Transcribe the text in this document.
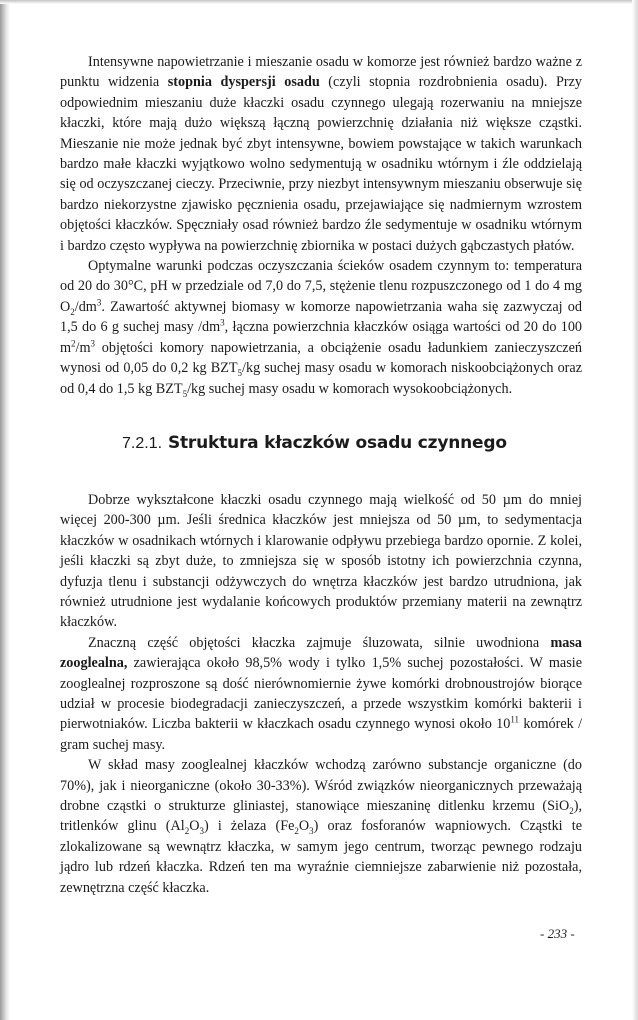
Intensywne napowietrzanie i mieszanie osadu w komorze jest również bardzo ważne z punktu widzenia stopnia dyspersji osadu (czyli stopnia rozdrobnienia osadu). Przy odpowiednim mieszaniu duże kłaczki osadu czynnego ulegają rozerwaniu na mniejsze kłaczki, które mają dużo większą łączną powierzchnię działania niż większe cząstki. Mieszanie nie może jednak być zbyt intensywne, bowiem powstające w takich warunkach bardzo małe kłaczki wyjątkowo wolno sedymentują w osadniku wtórnym i źle oddzielają się od oczyszczanej cieczy. Przeciwnie, przy niezbyt intensywnym mieszaniu obserwuje się bardzo niekorzystne zjawisko pęcznienia osadu, przejawiające się nadmiernym wzrostem objętości kłaczków. Spęczniały osad również bardzo źle sedymentuje w osadniku wtórnym i bardzo często wypływa na powierzchnię zbiornika w postaci dużych gąbczastych płatów.

Optymalne warunki podczas oczyszczania ścieków osadem czynnym to: temperatura od 20 do 30°C, pH w przedziale od 7,0 do 7,5, stężenie tlenu rozpuszczonego od 1 do 4 mg $O_2/dm^3$. Zawartość aktywnej biomasy w komorze napowietrzania waha się zazwyczaj od 1,5 do 6 g suchej masy $/dm^3$, łączna powierzchnia kłaczków osiąga wartości od 20 do 100 $m^2/m^3$ objętości komory napowietrzania, a obciążenie osadu ładunkiem zanieczyszczeń wynosi od 0,05 do 0,2 kg $BZT_5/kg$ suchej masy osadu w komorach niskoobciążonych oraz od 0,4 do 1,5 kg $BZT_5/kg$ suchej masy osadu w komorach wysokoobciążonych.

7.2.1. Struktura kłaczków osadu czynnego

Dobrze wykształcone kłaczki osadu czynnego mają wielkość od 50 µm do mniej więcej 200-300 µm. Jeśli średnica kłaczków jest mniejsza od 50 µm, to sedymentacja kłaczków w osadnikach wtórnych i klarowanie odpływu przebiega bardzo opornie. Z kolei, jeśli kłaczki są zbyt duże, to zmniejsza się w sposób istotny ich powierzchnia czynna, dyfuzja tlenu i substancji odżywczych do wnętrza kłaczków jest bardzo utrudniona, jak również utrudnione jest wydalanie końcowych produktów przemiany materii na zewnątrz kłaczków.

Znaczną część objętości kłaczka zajmuje śluzowata, silnie uwodniona masa zooglealna, zawierająca około 98,5% wody i tylko 1,5% suchej pozostałości. W masie zooglealnej rozproszone są dość nierównomiernie żywe komórki drobnoustrojów biorące udział w procesie biodegradacji zanieczyszczeń, a przede wszystkim komórki bakterii i pierwotniaków. Liczba bakterii w kłaczkach osadu czynnego wynosi około $10^{11}$ komórek / gram suchej masy.

W skład masy zooglealnej kłaczków wchodzą zarówno substancje organiczne (do 70%), jak i nieorganiczne (około 30-33%). Wśród związków nieorganicznych przeważają drobne cząstki o strukturze gliniastej, stanowiące mieszaninę ditlenku krzemu (SiO$_2$), tritlenków glinu $(Al_2O_3)$ i żelaza $(Fe_2O_3)$ oraz fosforanów wapniowych. Cząstki te zlokalizowane są wewnątrz kłaczka, w samym jego centrum, tworząc pewnego rodzaju jądro lub rdzeń kłaczka. Rdzeń ten ma wyraźnie ciemniejsze zabarwienie niż pozostała, zewnętrzna część kłaczka.

- 233 -
